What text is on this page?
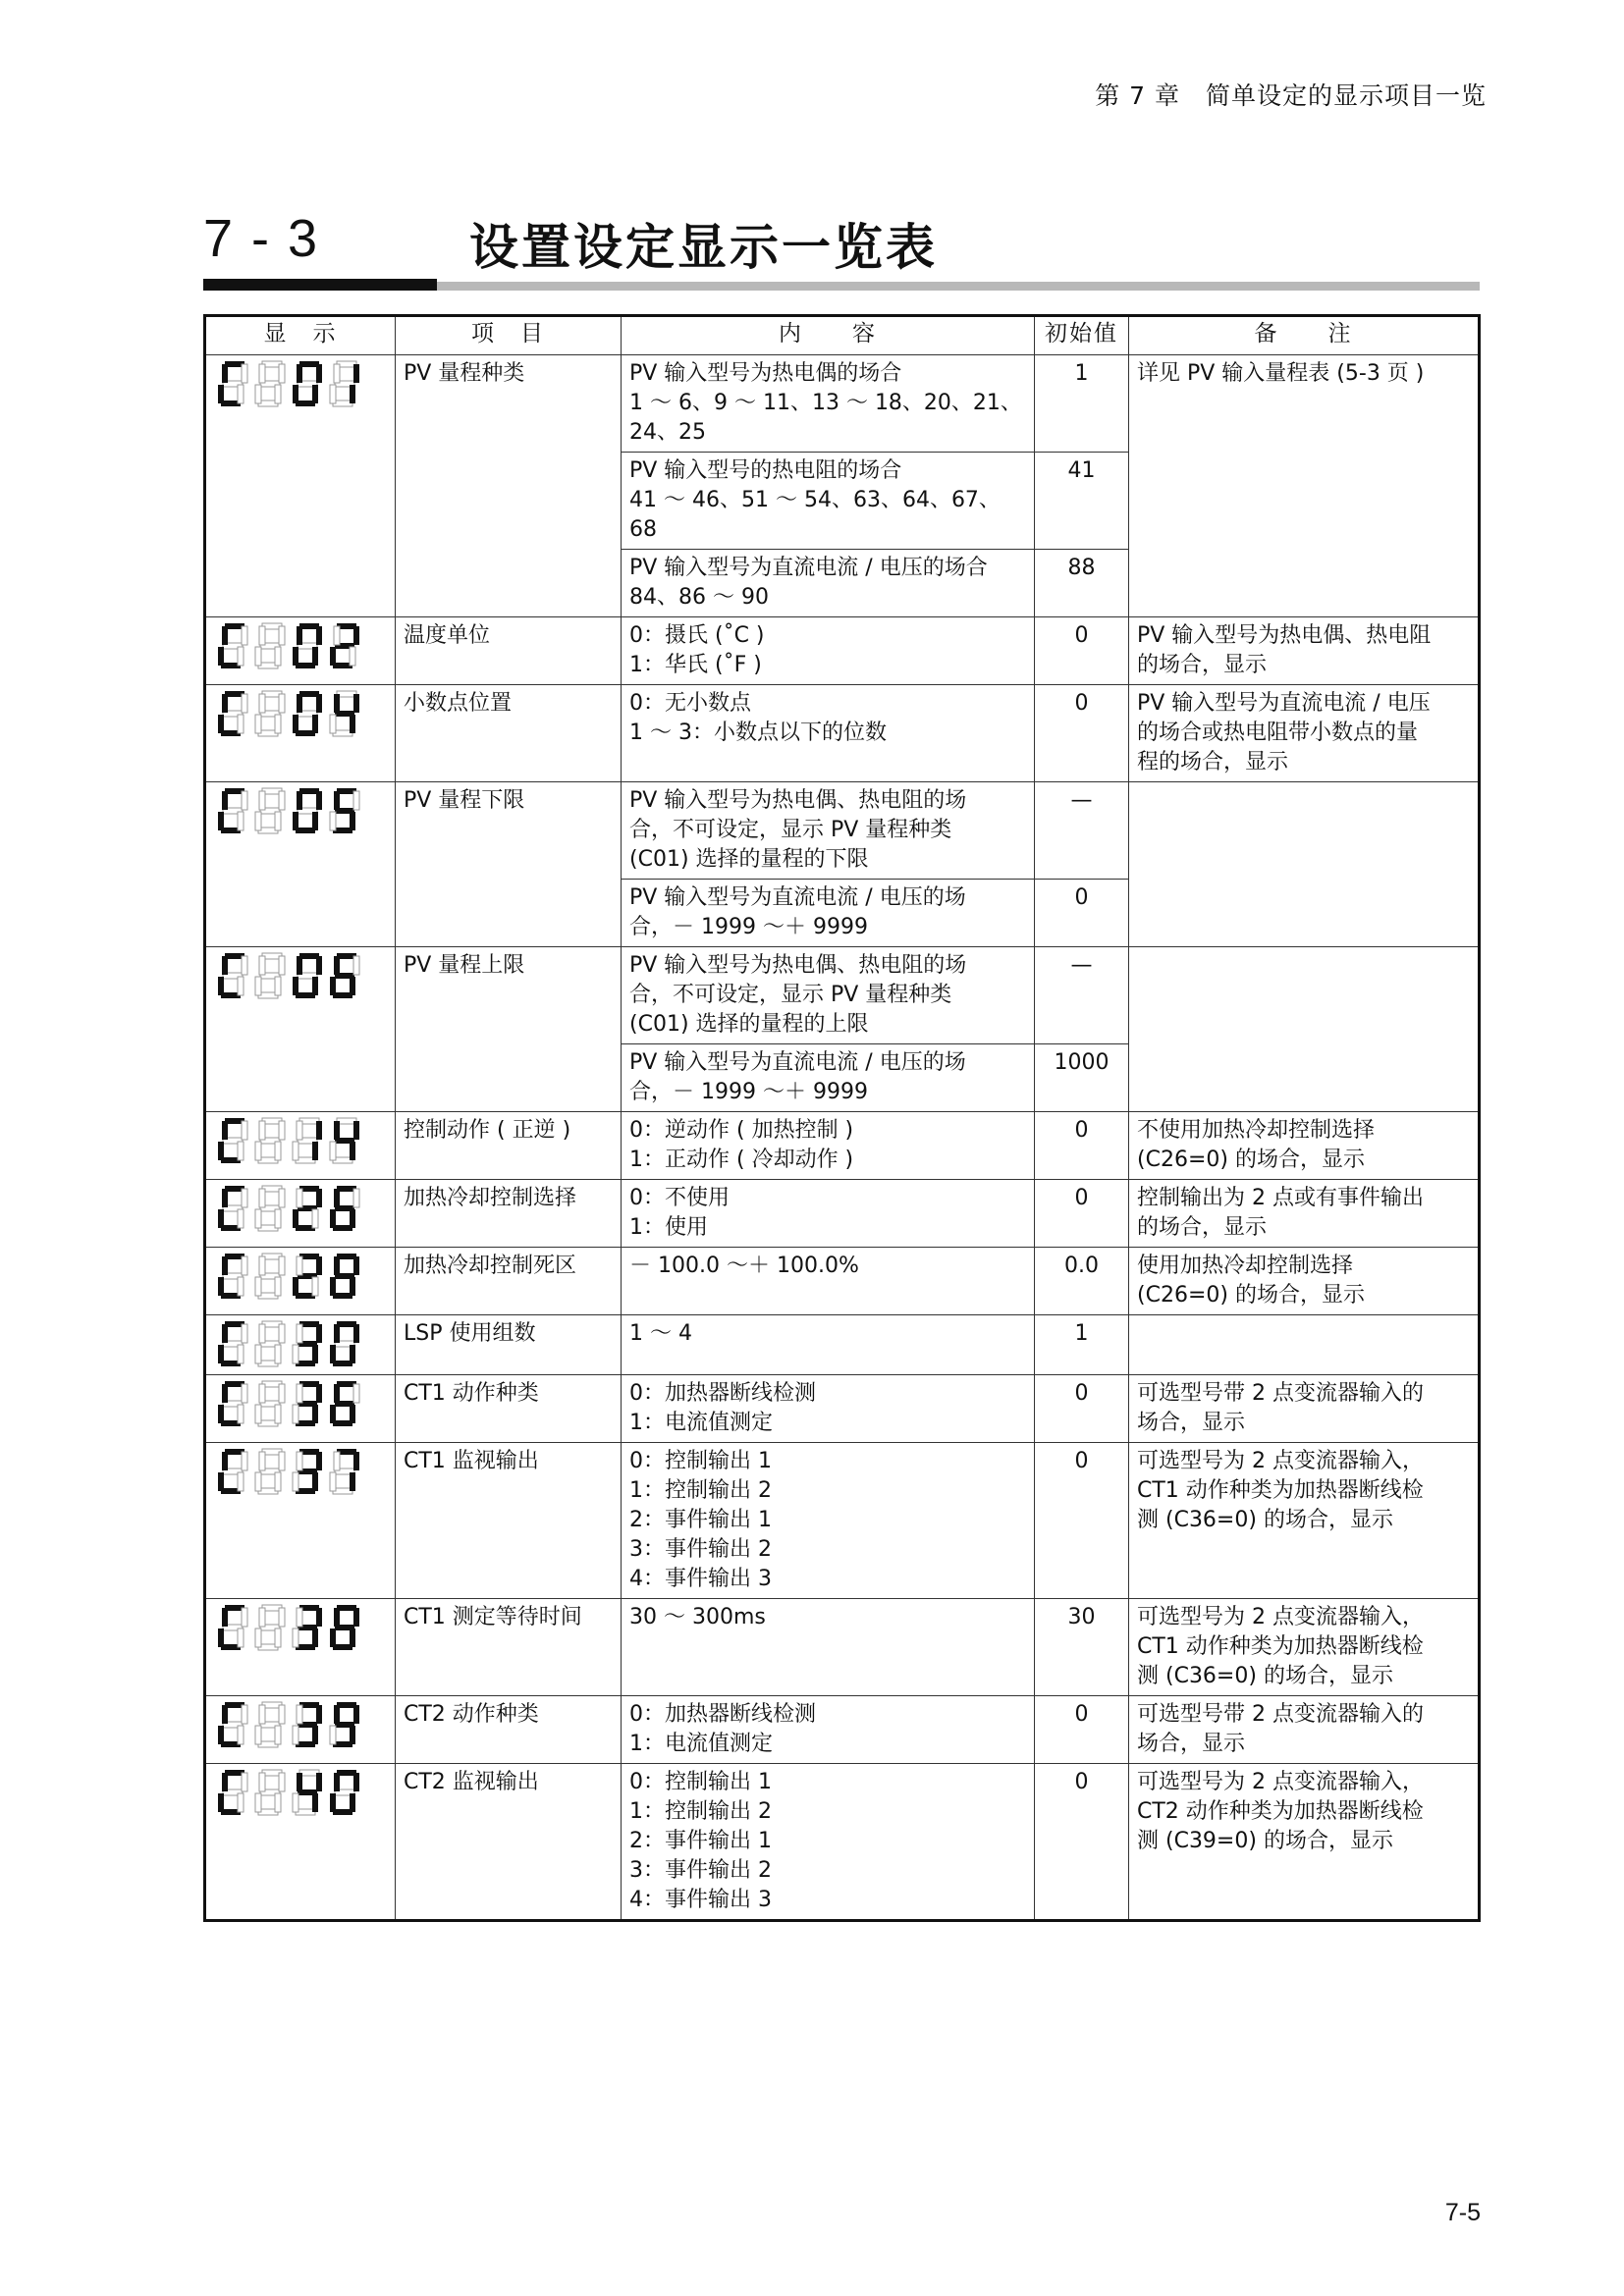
第 7 章　简单设定的显示项目一览
7 - 3	设置设定显示一览表
显　示	项　目	内　　容	初始值	备　　注

	PV 量程种类	PV 输入型号为热电偶的场合
1 ～ 6、9 ～ 11、13 ～ 18、20、21、
24、25	1	详见 PV 输入量程表 (5-3 页 )
		PV 输入型号的热电阻的场合
41 ～ 46、51 ～ 54、63、64、67、68	41	
		PV 输入型号为直流电流 / 电压的场合
84、86 ～ 90	88	

	温度单位	0：摄氏 (˚C )
1：华氏 (˚F )	0	PV 输入型号为热电偶、热电阻
的场合，显示

	小数点位置	0：无小数点
1 ～ 3：小数点以下的位数	0	PV 输入型号为直流电流 / 电压
的场合或热电阻带小数点的量
程的场合，显示

	PV 量程下限	PV 输入型号为热电偶、热电阻的场
合，不可设定，显示 PV 量程种类
(C01) 选择的量程的下限	—	
		PV 输入型号为直流电流 / 电压的场
合，－ 1999 ～＋ 9999	0	

	PV 量程上限	PV 输入型号为热电偶、热电阻的场
合，不可设定，显示 PV 量程种类
(C01) 选择的量程的上限	—	
		PV 输入型号为直流电流 / 电压的场
合，－ 1999 ～＋ 9999	1000	

	控制动作 ( 正逆 )	0：逆动作 ( 加热控制 )
1：正动作 ( 冷却动作 )	0	不使用加热冷却控制选择
(C26=0) 的场合，显示

	加热冷却控制选择	0：不使用
1：使用	0	控制输出为 2 点或有事件输出
的场合，显示

	加热冷却控制死区	－ 100.0 ～＋ 100.0%	0.0	使用加热冷却控制选择
(C26=0) 的场合，显示

	LSP 使用组数	1 ～ 4	1	

	CT1 动作种类	0：加热器断线检测
1：电流值测定	0	可选型号带 2 点变流器输入的
场合，显示

	CT1 监视输出	0：控制输出 1
1：控制输出 2
2：事件输出 1
3：事件输出 2
4：事件输出 3	0	可选型号为 2 点变流器输入，
CT1 动作种类为加热器断线检
测 (C36=0) 的场合，显示

	CT1 测定等待时间	30 ～ 300ms	30	可选型号为 2 点变流器输入，
CT1 动作种类为加热器断线检
测 (C36=0) 的场合，显示

	CT2 动作种类	0：加热器断线检测
1：电流值测定	0	可选型号带 2 点变流器输入的
场合，显示

	CT2 监视输出	0：控制输出 1
1：控制输出 2
2：事件输出 1
3：事件输出 2
4：事件输出 3	0	可选型号为 2 点变流器输入，
CT2 动作种类为加热器断线检
测 (C39=0) 的场合，显示
7-5
